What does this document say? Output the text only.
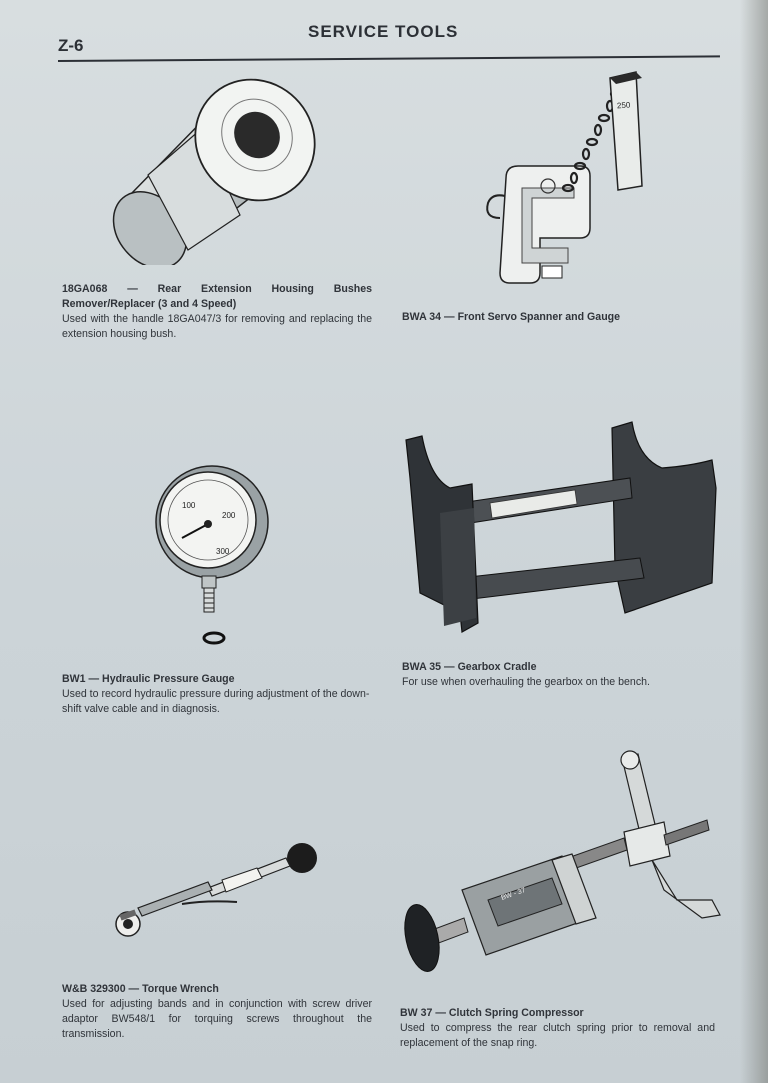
Z-6
SERVICE TOOLS
250
100
200
300
BW - 37
18GA068 — Rear Extension Housing Bushes Remover/Replacer (3 and 4 Speed)
Used with the handle 18GA047/3 for removing and replacing the extension housing bush.
BWA 34 — Front Servo Spanner and Gauge
BW1 — Hydraulic Pressure Gauge
Used to record hydraulic pressure during adjustment of the down-shift valve cable and in diagnosis.
BWA 35 — Gearbox Cradle
For use when overhauling the gearbox on the bench.
W&B 329300 — Torque Wrench
Used for adjusting bands and in conjunction with screw driver adaptor BW548/1 for torquing screws throughout the transmission.
BW 37 — Clutch Spring Compressor
Used to compress the rear clutch spring prior to removal and replacement of the snap ring.
